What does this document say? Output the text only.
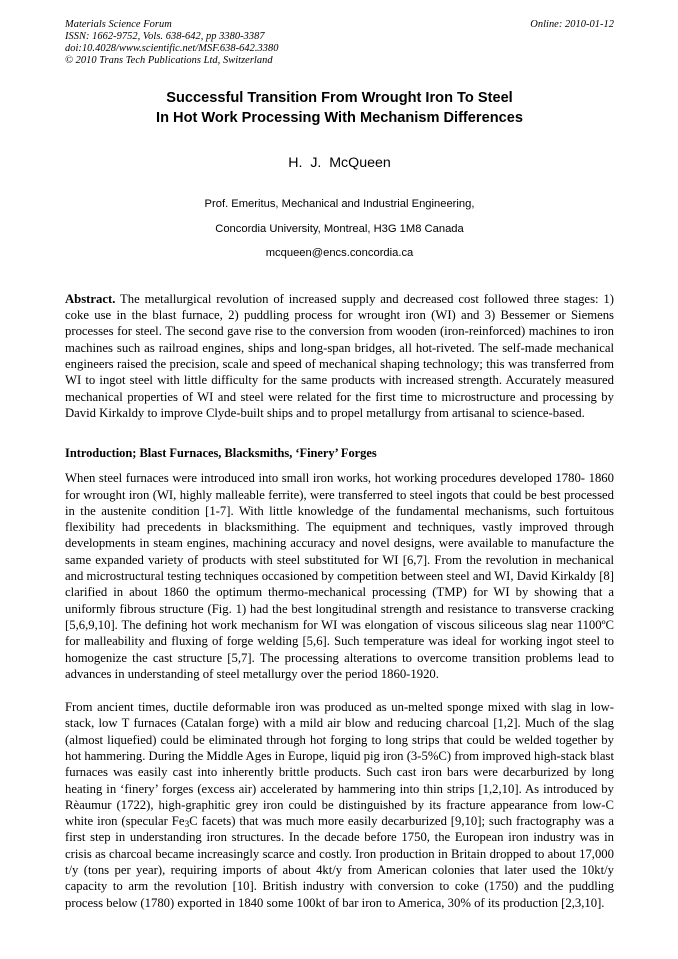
Materials Science Forum
ISSN: 1662-9752, Vols. 638-642, pp 3380-3387
doi:10.4028/www.scientific.net/MSF.638-642.3380
© 2010 Trans Tech Publications Ltd, Switzerland
Online: 2010-01-12
Successful Transition From Wrought Iron To Steel
In Hot Work Processing With Mechanism Differences
H.  J.  McQueen
Prof. Emeritus, Mechanical and Industrial Engineering,
Concordia University, Montreal, H3G 1M8 Canada
mcqueen@encs.concordia.ca
Abstract. The metallurgical revolution of increased supply and decreased cost followed three stages: 1) coke use in the blast furnace, 2) puddling process for wrought iron (WI) and 3) Bessemer or Siemens processes for steel. The second gave rise to the conversion from wooden (iron-reinforced) machines to iron machines such as railroad engines, ships and long-span bridges, all hot-riveted. The self-made mechanical engineers raised the precision, scale and speed of mechanical shaping technology; this was transferred from WI to ingot steel with little difficulty for the same products with increased strength. Accurately measured mechanical properties of WI and steel were related for the first time to microstructure and processing by David Kirkaldy to improve Clyde-built ships and to propel metallurgy from artisanal to science-based.
Introduction; Blast Furnaces, Blacksmiths, ‘Finery’ Forges
When steel furnaces were introduced into small iron works, hot working procedures developed 1780- 1860 for wrought iron (WI, highly malleable ferrite), were transferred to steel ingots that could be best processed in the austenite condition [1-7]. With little knowledge of the fundamental mechanisms, such fortuitous flexibility had precedents in blacksmithing. The equipment and techniques, vastly improved through developments in steam engines, machining accuracy and novel designs, were available to manufacture the same expanded variety of products with steel substituted for WI [6,7]. From the revolution in mechanical and microstructural testing techniques occasioned by competition between steel and WI, David Kirkaldy [8] clarified in about 1860 the optimum thermo-mechanical processing (TMP) for WI by showing that a uniformly fibrous structure (Fig. 1) had the best longitudinal strength and resistance to transverse cracking [5,6,9,10]. The defining hot work mechanism for WI was elongation of viscous siliceous slag near 1100ºC for malleability and fluxing of forge welding [5,6]. Such temperature was ideal for working ingot steel to homogenize the cast structure [5,7]. The processing alterations to overcome transition problems lead to advances in understanding of steel metallurgy over the period 1860-1920.
From ancient times, ductile deformable iron was produced as un-melted sponge mixed with slag in low-stack, low T furnaces (Catalan forge) with a mild air blow and reducing charcoal [1,2]. Much of the slag (almost liquefied) could be eliminated through hot forging to long strips that could be welded together by hot hammering. During the Middle Ages in Europe, liquid pig iron (3-5%C) from improved high-stack blast furnaces was easily cast into inherently brittle products. Such cast iron bars were decarburized by long heating in ‘finery’ forges (excess air) accelerated by hammering into thin strips [1,2,10]. As introduced by Rèaumur (1722), high-graphitic grey iron could be distinguished by its fracture appearance from low-C white iron (specular $Fe_3C$ facets) that was much more easily decarburized [9,10]; such fractography was a first step in understanding iron structures. In the decade before 1750, the European iron industry was in crisis as charcoal became increasingly scarce and costly. Iron production in Britain dropped to about 17,000 t/y (tons per year), requiring imports of about 4kt/y from American colonies that later used the 10kt/y capacity to arm the revolution [10]. British industry with conversion to coke (1750) and the puddling process below (1780) exported in 1840 some 100kt of bar iron to America, 30% of its production [2,3,10].
